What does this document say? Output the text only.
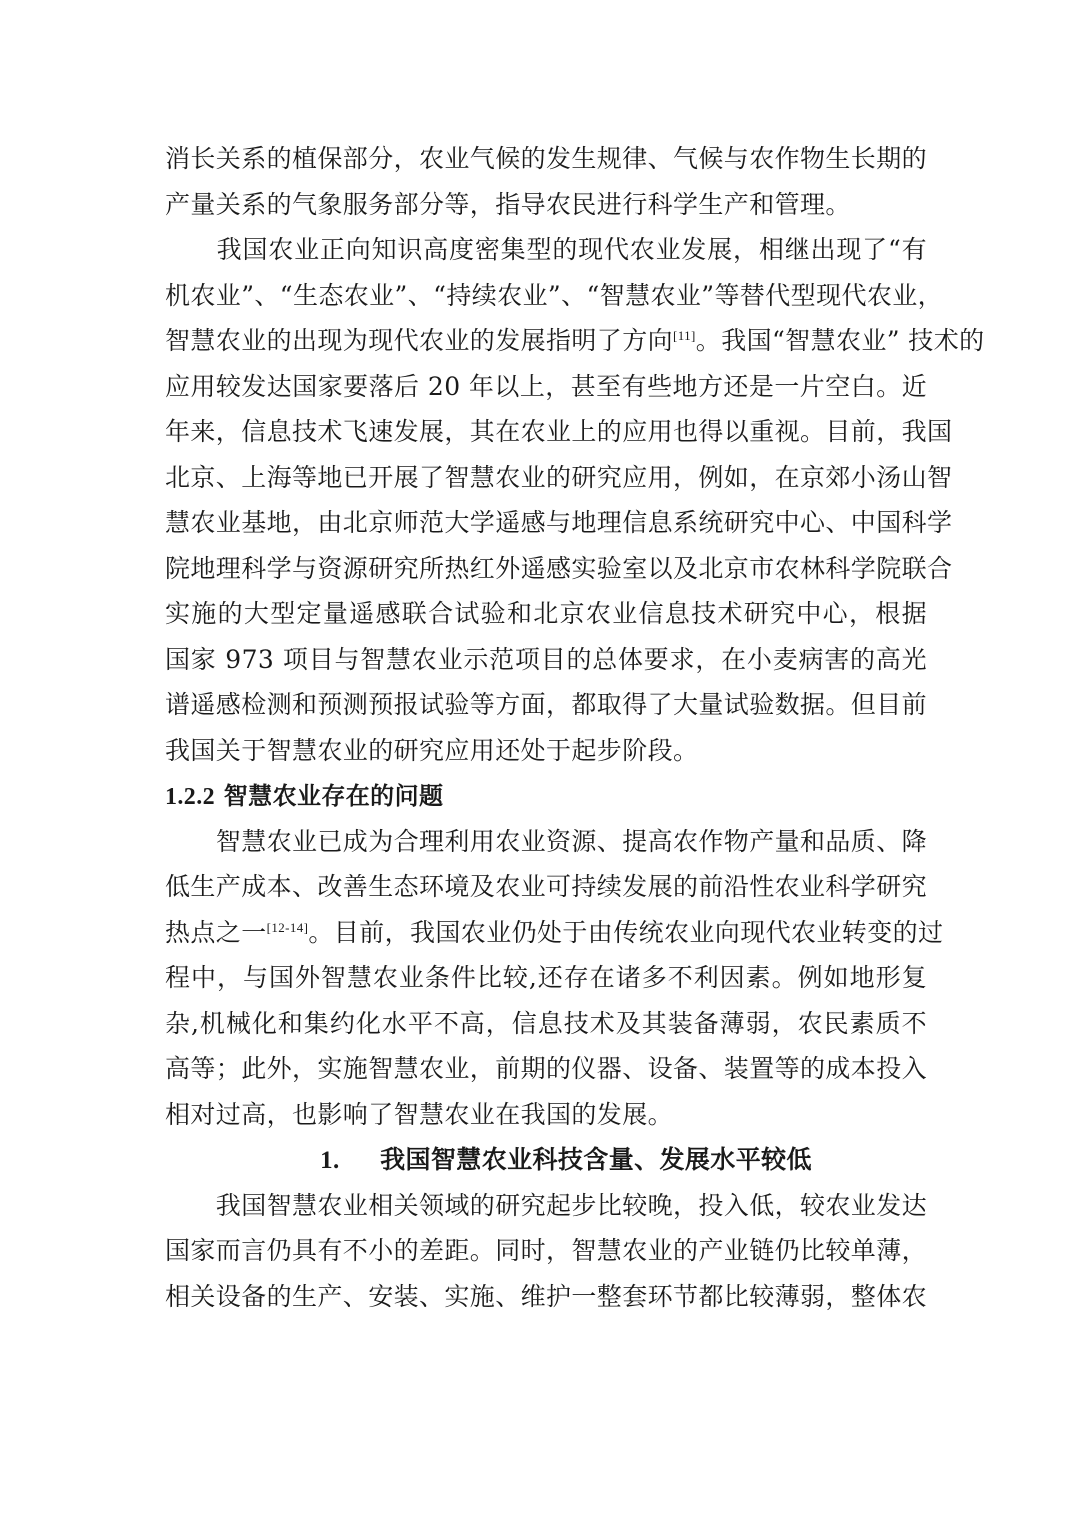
消长关系的植保部分，农业气候的发生规律、气候与农作物生长期的
产量关系的气象服务部分等，指导农民进行科学生产和管理。
　　我国农业正向知识高度密集型的现代农业发展，相继出现了“有
机农业”、“生态农业”、“持续农业”、“智慧农业”等替代型现代农业，
智慧农业的出现为现代农业的发展指明了方向[11]。我国“智慧农业” 技术的
应用较发达国家要落后 20 年以上，甚至有些地方还是一片空白。近
年来，信息技术飞速发展，其在农业上的应用也得以重视。目前，我国
北京、上海等地已开展了智慧农业的研究应用，例如，在京郊小汤山智
慧农业基地，由北京师范大学遥感与地理信息系统研究中心、中国科学
院地理科学与资源研究所热红外遥感实验室以及北京市农林科学院联合
实施的大型定量遥感联合试验和北京农业信息技术研究中心，根据
国家 973 项目与智慧农业示范项目的总体要求，在小麦病害的高光
谱遥感检测和预测预报试验等方面，都取得了大量试验数据。但目前
我国关于智慧农业的研究应用还处于起步阶段。
1.2.2 智慧农业存在的问题
　　智慧农业已成为合理利用农业资源、提高农作物产量和品质、降
低生产成本、改善生态环境及农业可持续发展的前沿性农业科学研究
热点之一[12-14]。目前，我国农业仍处于由传统农业向现代农业转变的过
程中，与国外智慧农业条件比较,还存在诸多不利因素。例如地形复
杂,机械化和集约化水平不高，信息技术及其装备薄弱，农民素质不
高等；此外，实施智慧农业，前期的仪器、设备、装置等的成本投入
相对过高，也影响了智慧农业在我国的发展。
1. 我国智慧农业科技含量、发展水平较低
　　我国智慧农业相关领域的研究起步比较晚，投入低，较农业发达
国家而言仍具有不小的差距。同时，智慧农业的产业链仍比较单薄，
相关设备的生产、安装、实施、维护一整套环节都比较薄弱，整体农
